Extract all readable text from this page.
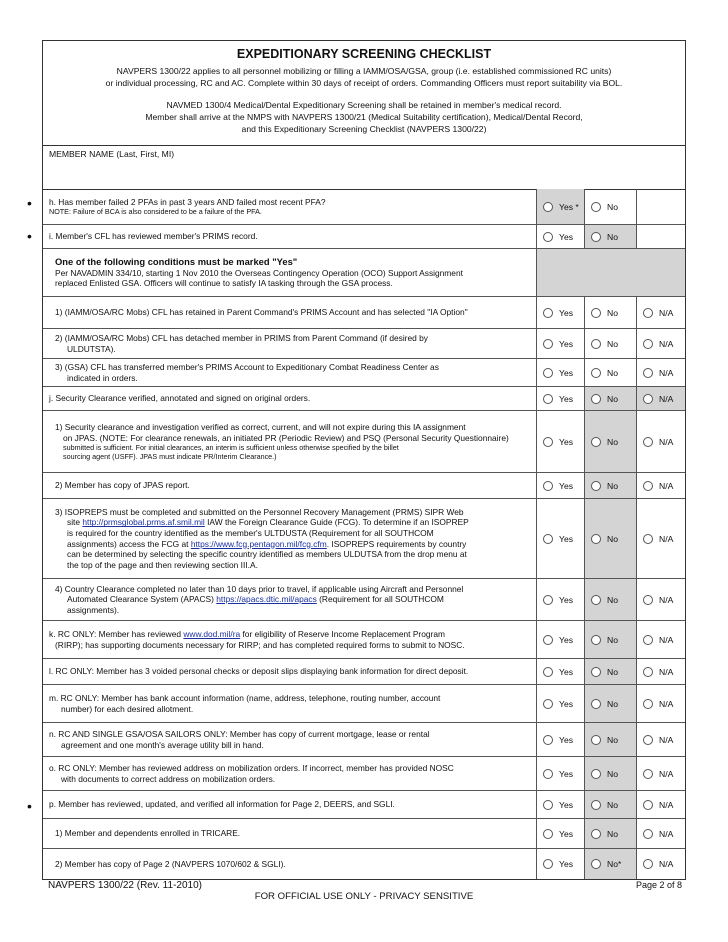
EXPEDITIONARY SCREENING CHECKLIST
NAVPERS 1300/22 applies to all personnel mobilizing or filling a IAMM/OSA/GSA, group (i.e. established commissioned RC units)
or individual processing, RC and AC. Complete within 30 days of receipt of orders. Commanding Officers must report suitability via BOL.
NAVMED 1300/4 Medical/Dental Expeditionary Screening shall be retained in member's medical record.
Member shall arrive at the NMPS with NAVPERS 1300/21 (Medical Suitability certification), Medical/Dental Record,
and this Expeditionary Screening Checklist (NAVPERS 1300/22)
MEMBER NAME (Last, First, MI)
h. Has member failed 2 PFAs in past 3 years AND failed most recent PFA?
NOTE: Failure of BCA is also considered to be a failure of the PFA.
Yes *	No
i. Member's CFL has reviewed member's PRIMS record.	Yes	No
One of the following conditions must be marked "Yes"
Per NAVADMIN 334/10, starting 1 Nov 2010 the Overseas Contingency Operation (OCO) Support Assignment
replaced Enlisted GSA. Officers will continue to satisfy IA tasking through the GSA process.
1) (IAMM/OSA/RC Mobs) CFL has retained in Parent Command's PRIMS Account and has selected "IA Option"	Yes	No	N/A
2) (IAMM/OSA/RC Mobs) CFL has detached member in PRIMS from Parent Command (if desired by
ULDUTSTA).	Yes	No	N/A
3) (GSA) CFL has transferred member's PRIMS Account to Expeditionary Combat Readiness Center as
indicated in orders.	Yes	No	N/A
j. Security Clearance verified, annotated and signed on original orders.	Yes	No	N/A
1) Security clearance and investigation verified as correct, current, and will not expire during this IA assignment
on JPAS. (NOTE: For clearance renewals, an initiated PR (Periodic Review) and PSQ (Personal Security Questionnaire)
submitted is sufficient. For initial clearances, an interim is sufficient unless otherwise specified by the billet
sourcing agent (USFF). JPAS must indicate PR/Interim Clearance.)
Yes	No	N/A
2) Member has copy of JPAS report.	Yes	No	N/A
3) ISOPREPS must be completed and submitted on the Personnel Recovery Management (PRMS) SIPR Web
site http://prmsglobal.prms.af.smil.mil IAW the Foreign Clearance Guide (FCG). To determine if an ISOPREP
is required for the country identified as the member's ULTDUSTA (Requirement for all SOUTHCOM
assignments) access the FCG at https://www.fcg.pentagon.mil/fcg.cfm. ISOPREPS requirements by country
can be determined by selecting the specific country identified as members ULDUTSA from the drop menu at
the top of the page and then reviewing section III.A.
Yes	No	N/A
4) Country Clearance completed no later than 10 days prior to travel, if applicable using Aircraft and Personnel
Automated Clearance System (APACS) https://apacs.dtic.mil/apacs (Requirement for all SOUTHCOM
assignments).
Yes	No	N/A
k. RC ONLY: Member has reviewed www.dod.mil/ra for eligibility of Reserve Income Replacement Program
(RIRP); has supporting documents necessary for RIRP; and has completed required forms to submit to NOSC.	Yes	No	N/A
l. RC ONLY: Member has 3 voided personal checks or deposit slips displaying bank information for direct deposit.	Yes	No	N/A
m. RC ONLY: Member has bank account information (name, address, telephone, routing number, account
number) for each desired allotment.	Yes	No	N/A
n. RC AND SINGLE GSA/OSA SAILORS ONLY: Member has copy of current mortgage, lease or rental
agreement and one month's average utility bill in hand.	Yes	No	N/A
o. RC ONLY: Member has reviewed address on mobilization orders. If incorrect, member has provided NOSC
with documents to correct address on mobilization orders.	Yes	No	N/A
p. Member has reviewed, updated, and verified all information for Page 2, DEERS, and SGLI.	Yes	No	N/A
1) Member and dependents enrolled in TRICARE.	Yes	No	N/A
2) Member has copy of Page 2 (NAVPERS 1070/602 & SGLI).	Yes	No*	N/A
•
•
•
NAVPERS 1300/22 (Rev. 11-2010)	Page 2 of 8
FOR OFFICIAL USE ONLY - PRIVACY SENSITIVE
